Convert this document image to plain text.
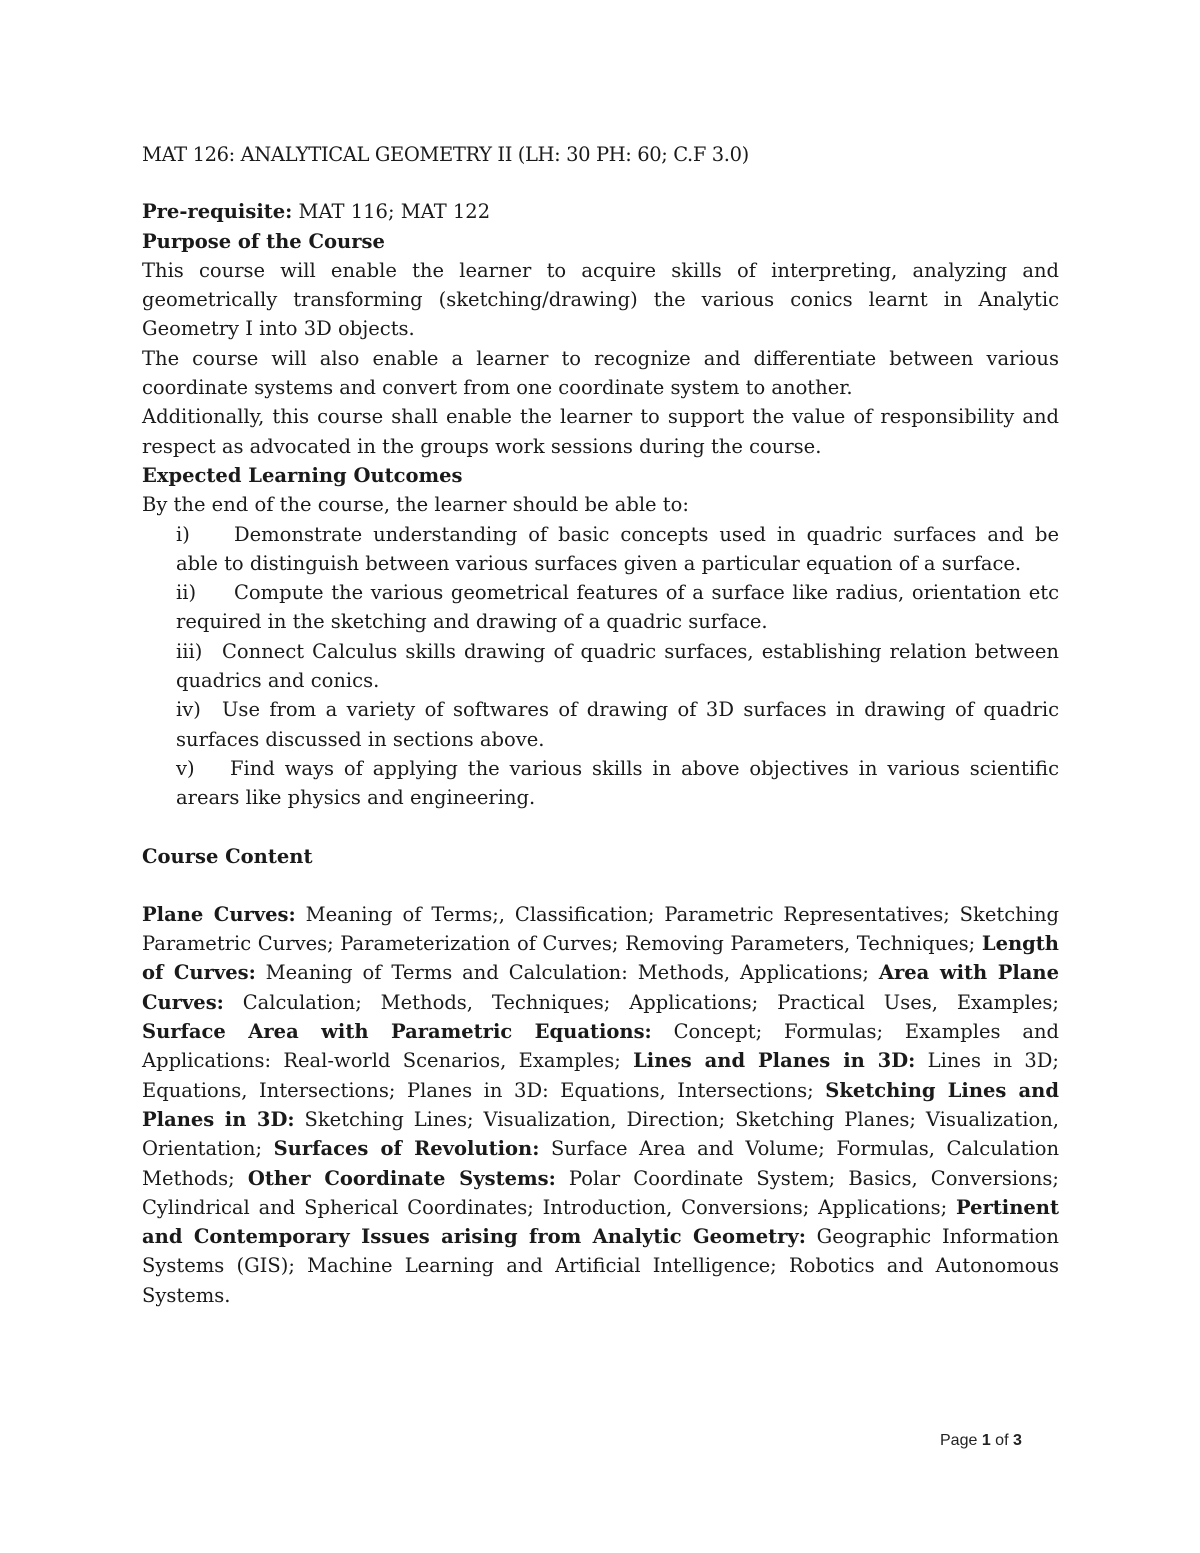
MAT 126: ANALYTICAL GEOMETRY II (LH: 30 PH: 60; C.F 3.0)

Pre-requisite: MAT 116; MAT 122

Purpose of the Course

This course will enable the learner to acquire skills of interpreting, analyzing and geometrically transforming (sketching/drawing) the various conics learnt in Analytic Geometry I into 3D objects.

The course will also enable a learner to recognize and differentiate between various coordinate systems and convert from one coordinate system to another.

Additionally, this course shall enable the learner to support the value of responsibility and respect as advocated in the groups work sessions during the course.

Expected Learning Outcomes

By the end of the course, the learner should be able to:

i) Demonstrate understanding of basic concepts used in quadric surfaces and be able to distinguish between various surfaces given a particular equation of a surface.
ii) Compute the various geometrical features of a surface like radius, orientation etc required in the sketching and drawing of a quadric surface.
iii) Connect Calculus skills drawing of quadric surfaces, establishing relation between quadrics and conics.
iv) Use from a variety of softwares of drawing of 3D surfaces in drawing of quadric surfaces discussed in sections above.
v) Find ways of applying the various skills in above objectives in various scientific arears like physics and engineering.

Course Content

Plane Curves: Meaning of Terms;, Classification; Parametric Representatives; Sketching Parametric Curves; Parameterization of Curves; Removing Parameters, Techniques; Length of Curves: Meaning of Terms and Calculation: Methods, Applications; Area with Plane Curves: Calculation; Methods, Techniques; Applications; Practical Uses, Examples; Surface Area with Parametric Equations: Concept; Formulas; Examples and Applications: Real-world Scenarios, Examples; Lines and Planes in 3D: Lines in 3D; Equations, Intersections; Planes in 3D: Equations, Intersections; Sketching Lines and Planes in 3D: Sketching Lines; Visualization, Direction; Sketching Planes; Visualization, Orientation; Surfaces of Revolution: Surface Area and Volume; Formulas, Calculation Methods; Other Coordinate Systems: Polar Coordinate System; Basics, Conversions; Cylindrical and Spherical Coordinates; Introduction, Conversions; Applications; Pertinent and Contemporary Issues arising from Analytic Geometry: Geographic Information Systems (GIS); Machine Learning and Artificial Intelligence; Robotics and Autonomous Systems.

Page 1 of 3
